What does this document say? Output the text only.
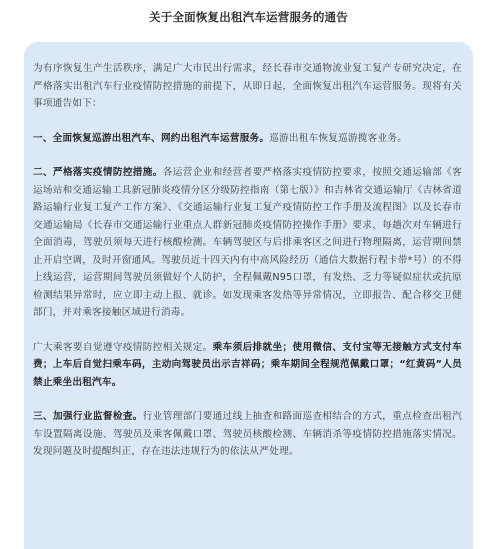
关于全面恢复出租汽车运营服务的通告

为有序恢复生产生活秩序，满足广大市民出行需求，经长春市交通物流业复工复产专研究决定，在严格落实出租汽车行业疫情防控措施的前提下，从即日起，全面恢复出租汽车运营服务。现将有关事项通告如下：

一、全面恢复巡游出租汽车、网约出租汽车运营服务。巡游出租车恢复巡游揽客业务。

二、严格落实疫情防控措施。各运营企业和经营者要严格落实疫情防控要求，按照交通运输部《客运场站和交通运输工具新冠肺炎疫情分区分级防控指南（第七版）》和吉林省交通运输厅《吉林省道路运输行业复工复产工作方案》、《交通运输行业复工复产疫情防控工作手册及流程图》以及长春市交通运输局《长春市交通运输行业重点人群新冠肺炎疫情防控操作手册》要求，每趟次对车辆进行全面消毒，驾驶员须每天进行核酸检测。车辆驾驶区与后排乘客区之间进行物理隔离，运营期间禁止开启空调，及时开窗通风。驾驶员近十四天内有中高风险经历（通信大数据行程卡带*号）的不得上线运营，运营期间驾驶员须做好个人防护，全程佩戴N95口罩，有发热、乏力等疑似症状或抗原检测结果异常时，应立即主动上报、就诊。如发现乘客发热等异常情况，立即报告、配合移交卫健部门，并对乘客接触区域进行消毒。

广大乘客要自觉遵守疫情防控相关规定。乘车须后排就坐；使用微信、支付宝等无接触方式支付车费；上车后自觉扫乘车码，主动向驾驶员出示吉祥码；乘车期间全程规范佩戴口罩；“红黄码”人员禁止乘坐出租汽车。

三、加强行业监督检查。行业管理部门要通过线上抽查和路面巡查相结合的方式，重点检查出租汽车设置隔离设施、驾驶员及乘客佩戴口罩、驾驶员核酸检测、车辆消杀等疫情防控措施落实情况。发现问题及时提醒纠正，存在违法违规行为的依法从严处理。
